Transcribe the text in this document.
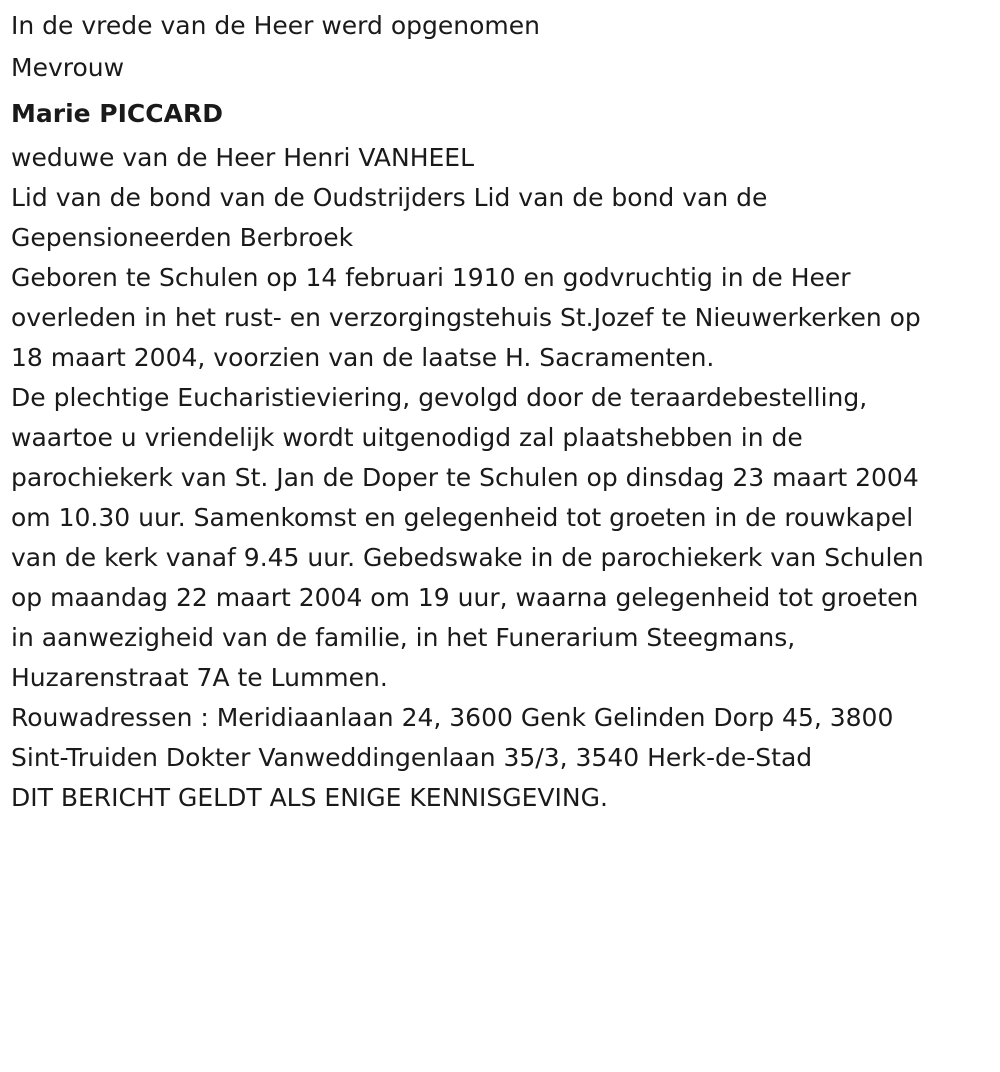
In de vrede van de Heer werd opgenomen
Mevrouw
Marie PICCARD
weduwe van de Heer Henri VANHEEL
Lid van de bond van de Oudstrijders Lid van de bond van de
Gepensioneerden Berbroek
Geboren te Schulen op 14 februari 1910 en godvruchtig in de Heer
overleden in het rust- en verzorgingstehuis St.Jozef te Nieuwerkerken op
18 maart 2004, voorzien van de laatse H. Sacramenten.
De plechtige Eucharistieviering, gevolgd door de teraardebestelling,
waartoe u vriendelijk wordt uitgenodigd zal plaatshebben in de
parochiekerk van St. Jan de Doper te Schulen op dinsdag 23 maart 2004
om 10.30 uur. Samenkomst en gelegenheid tot groeten in de rouwkapel
van de kerk vanaf 9.45 uur. Gebedswake in de parochiekerk van Schulen
op maandag 22 maart 2004 om 19 uur, waarna gelegenheid tot groeten
in aanwezigheid van de familie, in het Funerarium Steegmans,
Huzarenstraat 7A te Lummen.
Rouwadressen : Meridiaanlaan 24, 3600 Genk Gelinden Dorp 45, 3800
Sint-Truiden Dokter Vanweddingenlaan 35/3, 3540 Herk-de-Stad
DIT BERICHT GELDT ALS ENIGE KENNISGEVING.
